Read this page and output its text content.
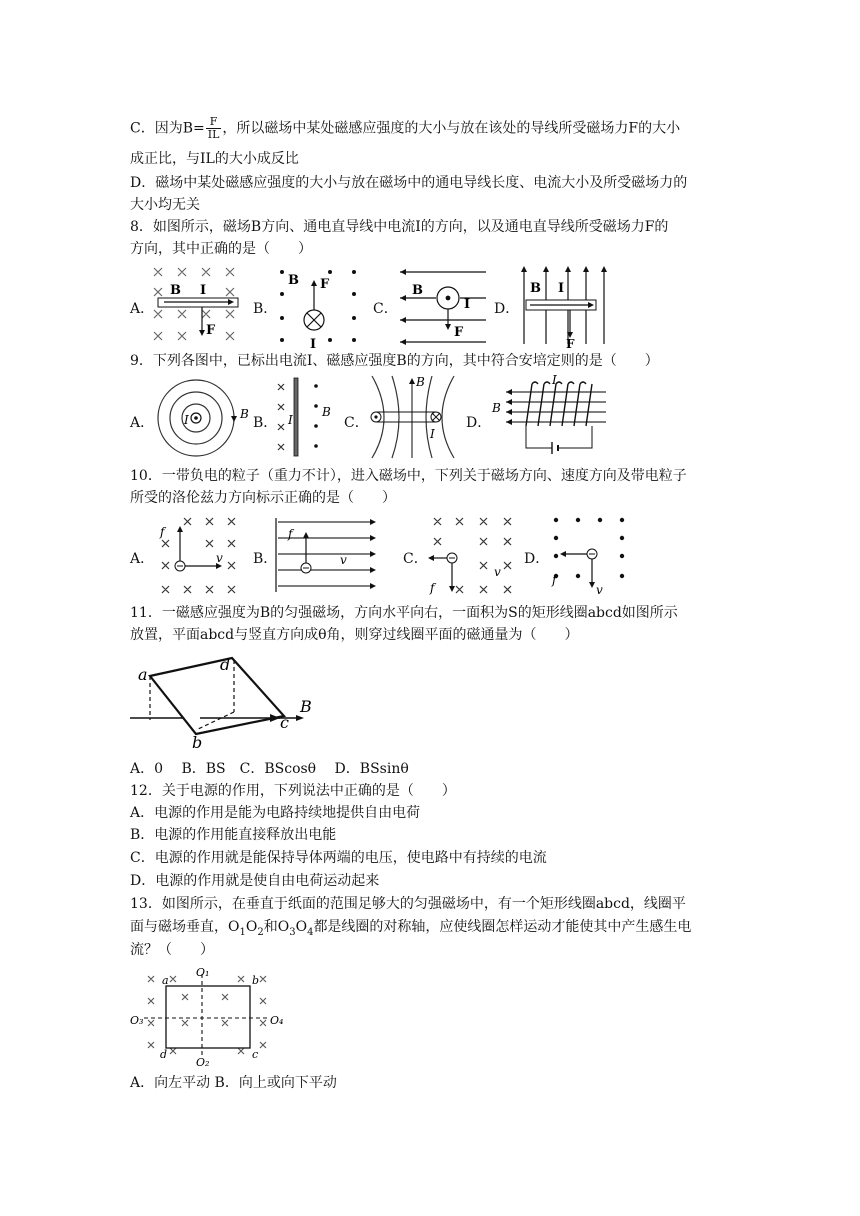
C．因为$B= \frac{F}{IL}$ ，所以磁场中某处磁感应强度的大小与放在该处的导线所受磁场力F的大小
成正比，与IL的大小成反比
D．磁场中某处磁感应强度的大小与放在磁场中的通电导线长度、电流大小及所受磁场力的
大小均无关
8．如图所示，磁场B方向、通电直导线中电流I的方向，以及通电直导线所受磁场力F的
方向，其中正确的是（　　）
A．
B I
F
B．
B F
I
C．
B
I
F
D．
B I
F
9．下列各图中，已标出电流I、磁感应强度B的方向，其中符合安培定则的是（　　）
A． I	B
B． I
B
C．
B
I
D．
B
I
10．一带负电的粒子（重力不计），进入磁场中，下列关于磁场方向、速度方向及带电粒子
所受的洛伦兹力方向标示正确的是（　　）
A．
f
v B．
f
v	C．
f
v
D．
f
v
11．一磁感应强度为B的匀强磁场，方向水平向右，一面积为S的矩形线圈abcd如图所示
放置，平面abcd与竖直方向成θ角，则穿过线圈平面的磁通量为（　　）
B
a
d
c
b
A．0　 B．BS　C．BScosθ　 D．BSsinθ
12．关于电源的作用，下列说法中正确的是（　　）
A．电源的作用是能为电路持续地提供自由电荷
B．电源的作用能直接释放出电能
C．电源的作用就是能保持导体两端的电压，使电路中有持续的电流
D．电源的作用就是使自由电荷运动起来
13．如图所示，在垂直于纸面的范围足够大的匀强磁场中，有一个矩形线圈abcd，线圈平
面与磁场垂直，$O_1O_2$和$O_3O_4$都是线圈的对称轴，应使线圈怎样运动才能使其中产生感生电
流？（　　）
O₁
O₂
O₃	O₄
a	b
c
d
A．向左平动 B．向上或向下平动
